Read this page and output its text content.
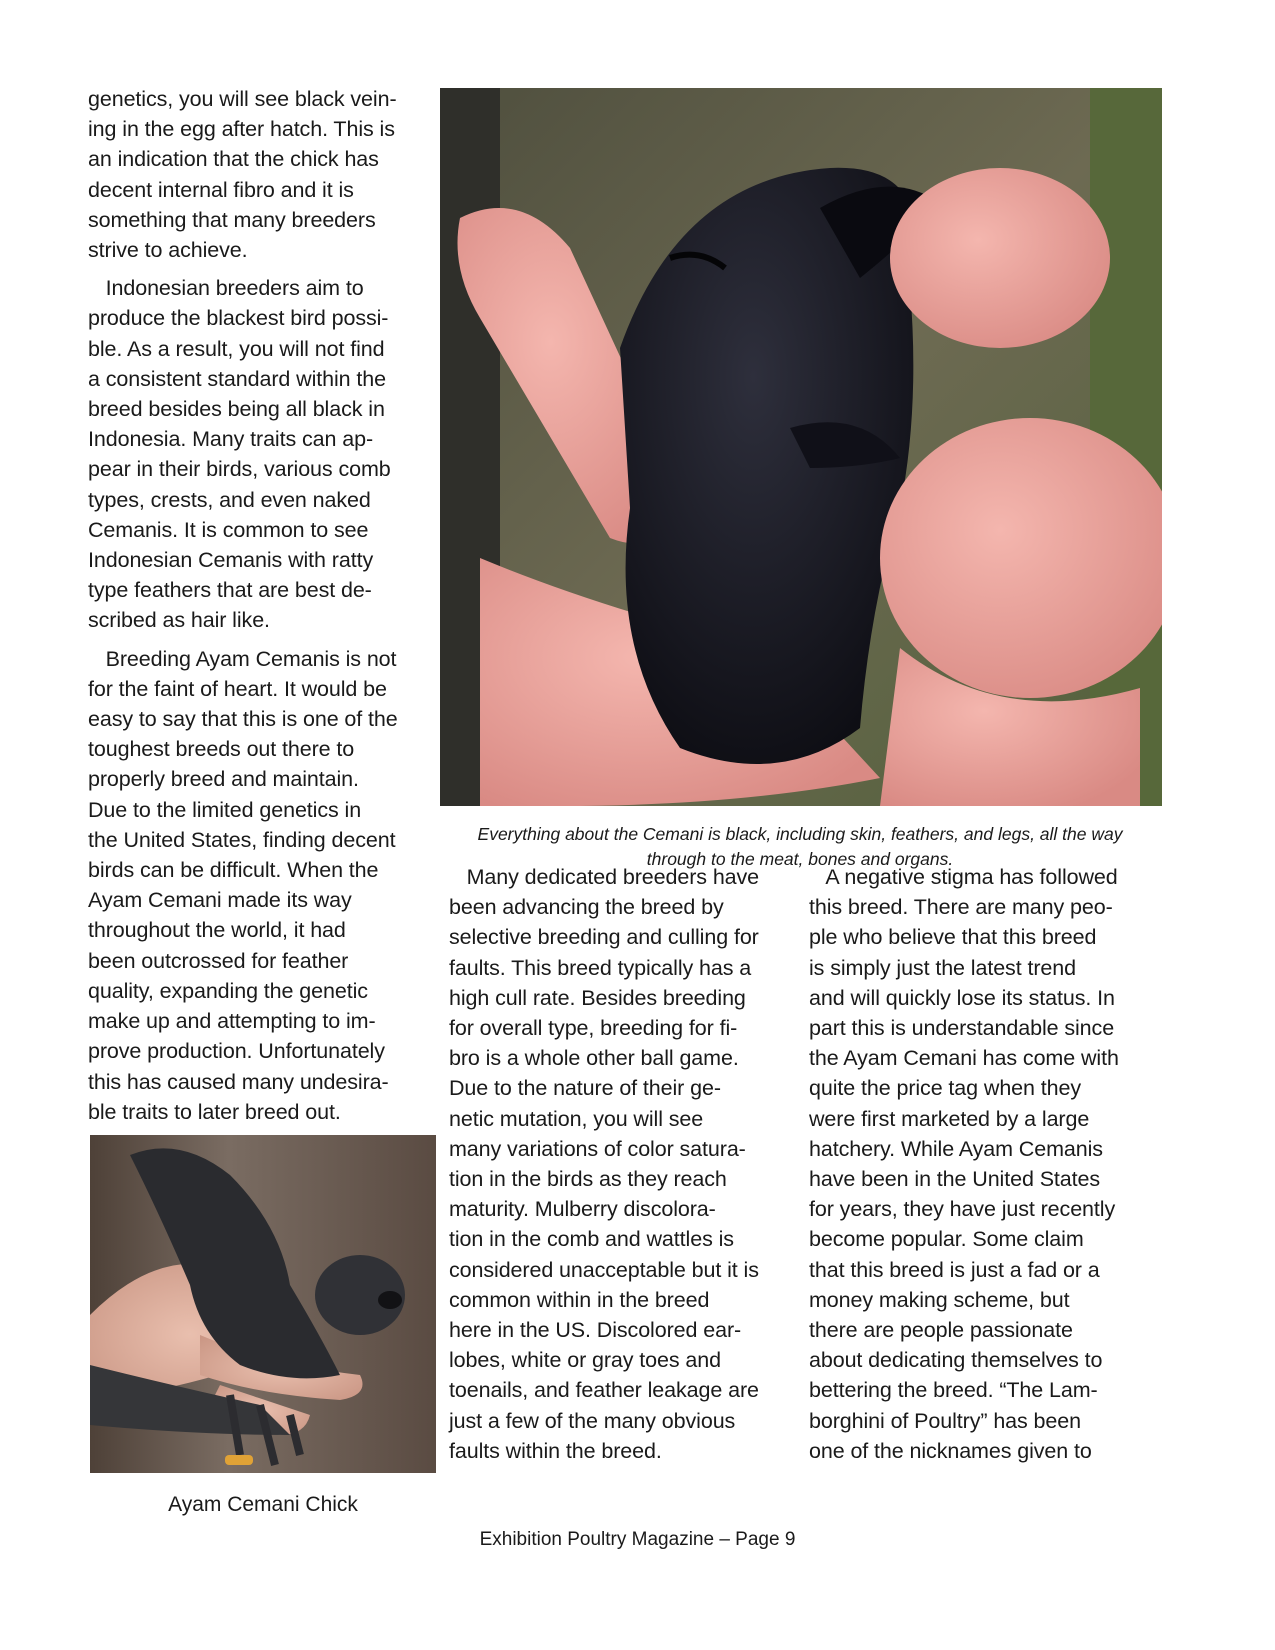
genetics, you will see black vein-

ing in the egg after hatch. This is

an indication that the chick has

decent internal fibro and it is

something that many breeders

strive to achieve.

Indonesian breeders aim to

produce the blackest bird possi-

ble. As a result, you will not find

a consistent standard within the

breed besides being all black in

Indonesia. Many traits can ap-

pear in their birds, various comb

types, crests, and even naked

Cemanis. It is common to see

Indonesian Cemanis with ratty

type feathers that are best de-

scribed as hair like.

Breeding Ayam Cemanis is not

for the faint of heart. It would be

easy to say that this is one of the

toughest breeds out there to

properly breed and maintain.

Due to the limited genetics in

the United States, finding decent

birds can be difficult. When the

Ayam Cemani made its way

throughout the world, it had

been outcrossed for feather

quality, expanding the genetic

make up and attempting to im-

prove production. Unfortunately

this has caused many undesira-

ble traits to later breed out.

Everything about the Cemani is black, including skin, feathers, and legs, all the way
through to the meat, bones and organs.
Ayam Cemani Chick

Many dedicated breeders have

been advancing the breed by

selective breeding and culling for

faults. This breed typically has a

high cull rate. Besides breeding

for overall type, breeding for fi-

bro is a whole other ball game.

Due to the nature of their ge-

netic mutation, you will see

many variations of color satura-

tion in the birds as they reach

maturity. Mulberry discolora-

tion in the comb and wattles is

considered unacceptable but it is

common within in the breed

here in the US. Discolored ear-

lobes, white or gray toes and

toenails, and feather leakage are

just a few of the many obvious

faults within the breed.

A negative stigma has followed

this breed. There are many peo-

ple who believe that this breed

is simply just the latest trend

and will quickly lose its status. In

part this is understandable since

the Ayam Cemani has come with

quite the price tag when they

were first marketed by a large

hatchery. While Ayam Cemanis

have been in the United States

for years, they have just recently

become popular. Some claim

that this breed is just a fad or a

money making scheme, but

there are people passionate

about dedicating themselves to

bettering the breed. “The Lam-

borghini of Poultry” has been

one of the nicknames given to

Exhibition Poultry Magazine – Page 9
